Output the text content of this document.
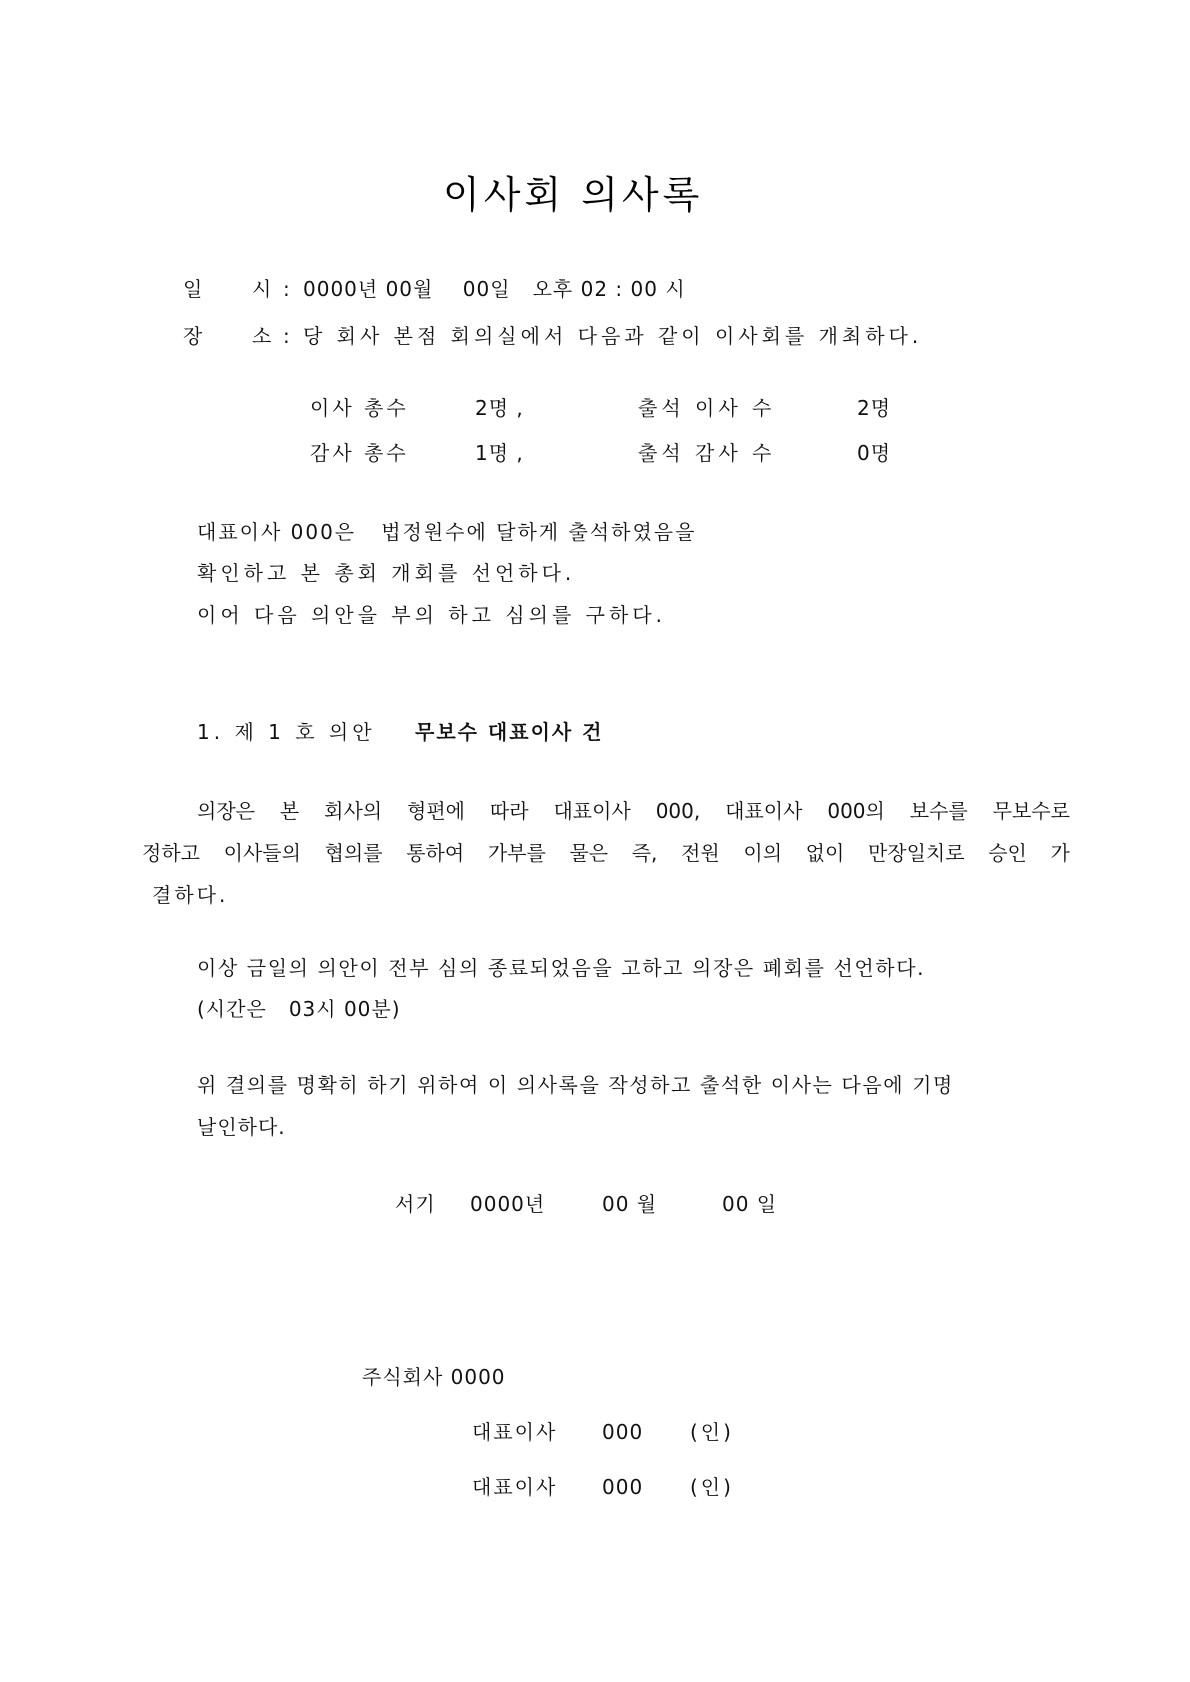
이사회 의사록
일 시 : 0000년 00월    00일   오후 02 : 00 시
장 소 : 당 회사 본점 회의실에서 다음과 같이 이사회를 개최하다.
이사 총수	2명 ,	출석 이사 수	2명
감사 총수	1명 ,	출석 감사 수	0명
대표이사 000은   법정원수에 달하게 출석하였음을
확인하고 본 총회 개회를 선언하다.
이어 다음 의안을 부의 하고 심의를 구하다.
1. 제 1 호 의안 무보수 대표이사 건
의장은 본 회사의 형편에 따라 대표이사 000, 대표이사 000의 보수를 무보수로
정하고 이사들의 협의를 통하여 가부를 물은 즉, 전원 이의 없이 만장일치로 승인 가
결하다.
이상 금일의 의안이 전부 심의 종료되었음을 고하고 의장은 폐회를 선언하다.
(시간은   03시 00분)
위 결의를 명확히 하기 위하여 이 의사록을 작성하고 출석한 이사는 다음에 기명
날인하다.
서기 0000년	00 월	00 일
주식회사 0000
대표이사 000 (인)
대표이사 000 (인)
